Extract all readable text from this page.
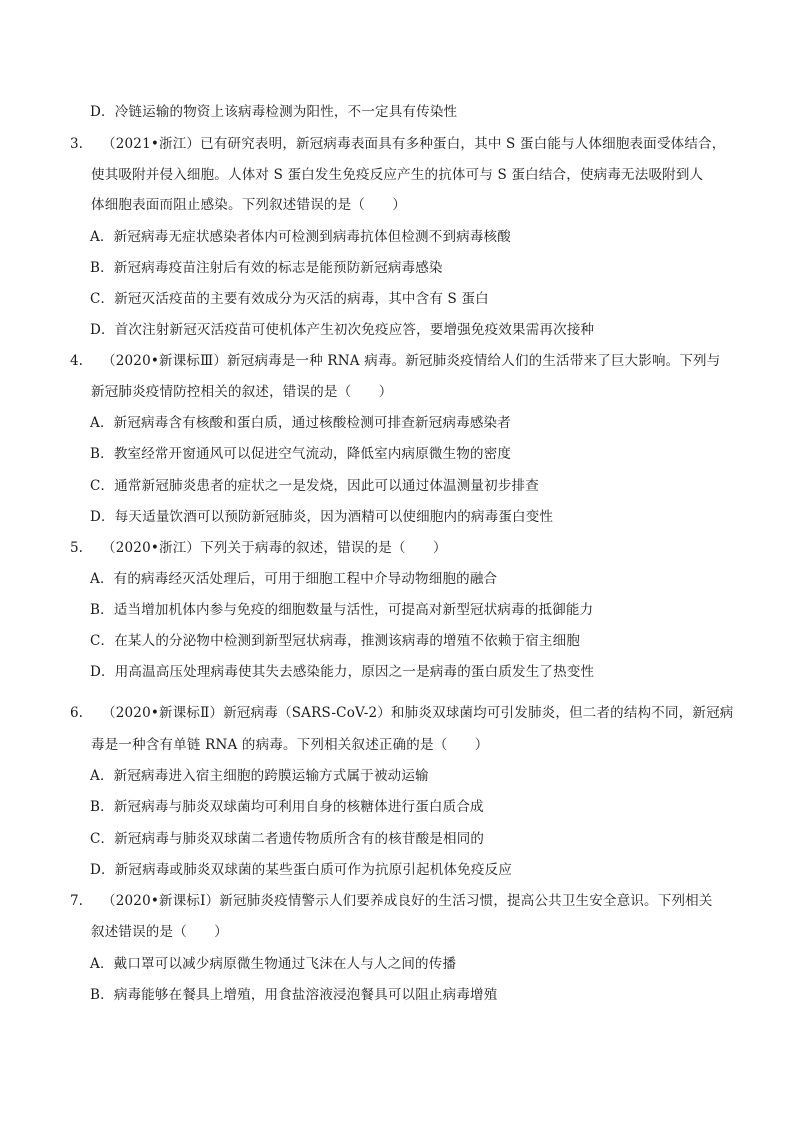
D．冷链运输的物资上该病毒检测为阳性，不一定具有传染性
3. （2021•浙江）已有研究表明，新冠病毒表面具有多种蛋白，其中 S 蛋白能与人体细胞表面受体结合，
使其吸附并侵入细胞。人体对 S 蛋白发生免疫反应产生的抗体可与 S 蛋白结合，使病毒无法吸附到人
体细胞表面而阻止感染。下列叙述错误的是（　　）
A．新冠病毒无症状感染者体内可检测到病毒抗体但检测不到病毒核酸
B．新冠病毒疫苗注射后有效的标志是能预防新冠病毒感染
C．新冠灭活疫苗的主要有效成分为灭活的病毒，其中含有 S 蛋白
D．首次注射新冠灭活疫苗可使机体产生初次免疫应答，要增强免疫效果需再次接种
4. （2020•新课标Ⅲ）新冠病毒是一种 RNA 病毒。新冠肺炎疫情给人们的生活带来了巨大影响。下列与
新冠肺炎疫情防控相关的叙述，错误的是（　　）
A．新冠病毒含有核酸和蛋白质，通过核酸检测可排查新冠病毒感染者
B．教室经常开窗通风可以促进空气流动，降低室内病原微生物的密度
C．通常新冠肺炎患者的症状之一是发烧，因此可以通过体温测量初步排查
D．每天适量饮酒可以预防新冠肺炎，因为酒精可以使细胞内的病毒蛋白变性
5. （2020•浙江）下列关于病毒的叙述，错误的是（　　）
A．有的病毒经灭活处理后，可用于细胞工程中介导动物细胞的融合
B．适当增加机体内参与免疫的细胞数量与活性，可提高对新型冠状病毒的抵御能力
C．在某人的分泌物中检测到新型冠状病毒，推测该病毒的增殖不依赖于宿主细胞
D．用高温高压处理病毒使其失去感染能力，原因之一是病毒的蛋白质发生了热变性
6. （2020•新课标Ⅱ）新冠病毒（SARS-CoV-2）和肺炎双球菌均可引发肺炎，但二者的结构不同，新冠病
毒是一种含有单链 RNA 的病毒。下列相关叙述正确的是（　　）
A．新冠病毒进入宿主细胞的跨膜运输方式属于被动运输
B．新冠病毒与肺炎双球菌均可利用自身的核糖体进行蛋白质合成
C．新冠病毒与肺炎双球菌二者遗传物质所含有的核苷酸是相同的
D．新冠病毒或肺炎双球菌的某些蛋白质可作为抗原引起机体免疫反应
7. （2020•新课标Ⅰ）新冠肺炎疫情警示人们要养成良好的生活习惯，提高公共卫生安全意识。下列相关
叙述错误的是（　　）
A．戴口罩可以减少病原微生物通过飞沫在人与人之间的传播
B．病毒能够在餐具上增殖，用食盐溶液浸泡餐具可以阻止病毒增殖
